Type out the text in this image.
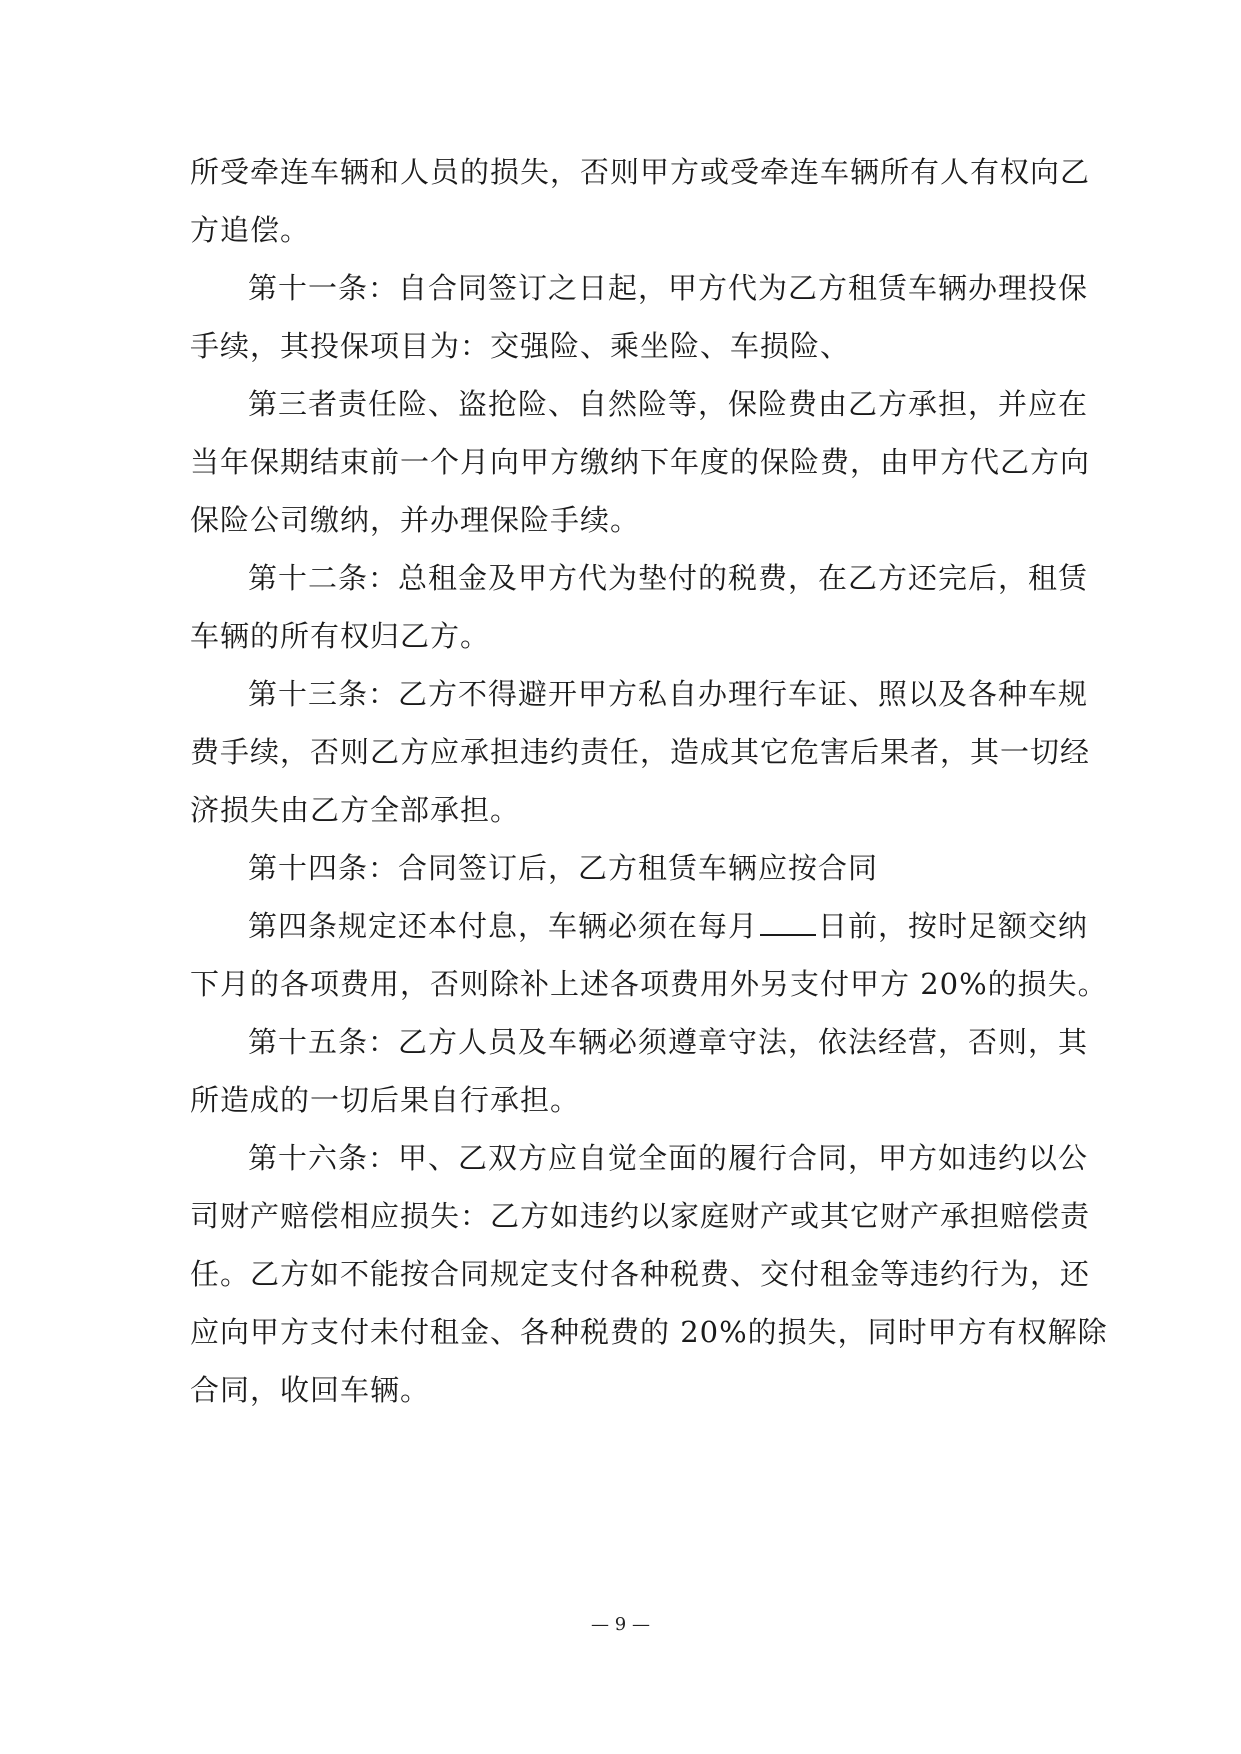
所受牵连车辆和人员的损失，否则甲方或受牵连车辆所有人有权向乙
方追偿。
第十一条：自合同签订之日起，甲方代为乙方租赁车辆办理投保
手续，其投保项目为：交强险、乘坐险、车损险、
第三者责任险、盗抢险、自然险等，保险费由乙方承担，并应在
当年保期结束前一个月向甲方缴纳下年度的保险费，由甲方代乙方向
保险公司缴纳，并办理保险手续。
第十二条：总租金及甲方代为垫付的税费，在乙方还完后，租赁
车辆的所有权归乙方。
第十三条：乙方不得避开甲方私自办理行车证、照以及各种车规
费手续，否则乙方应承担违约责任，造成其它危害后果者，其一切经
济损失由乙方全部承担。
第十四条：合同签订后，乙方租赁车辆应按合同
第四条规定还本付息，车辆必须在每月 日前，按时足额交纳
下月的各项费用，否则除补上述各项费用外另支付甲方 20%的损失。
第十五条：乙方人员及车辆必须遵章守法，依法经营，否则，其
所造成的一切后果自行承担。
第十六条：甲、乙双方应自觉全面的履行合同，甲方如违约以公
司财产赔偿相应损失：乙方如违约以家庭财产或其它财产承担赔偿责
任。乙方如不能按合同规定支付各种税费、交付租金等违约行为，还
应向甲方支付未付租金、各种税费的 20%的损失，同时甲方有权解除
合同，收回车辆。
— 9 —
